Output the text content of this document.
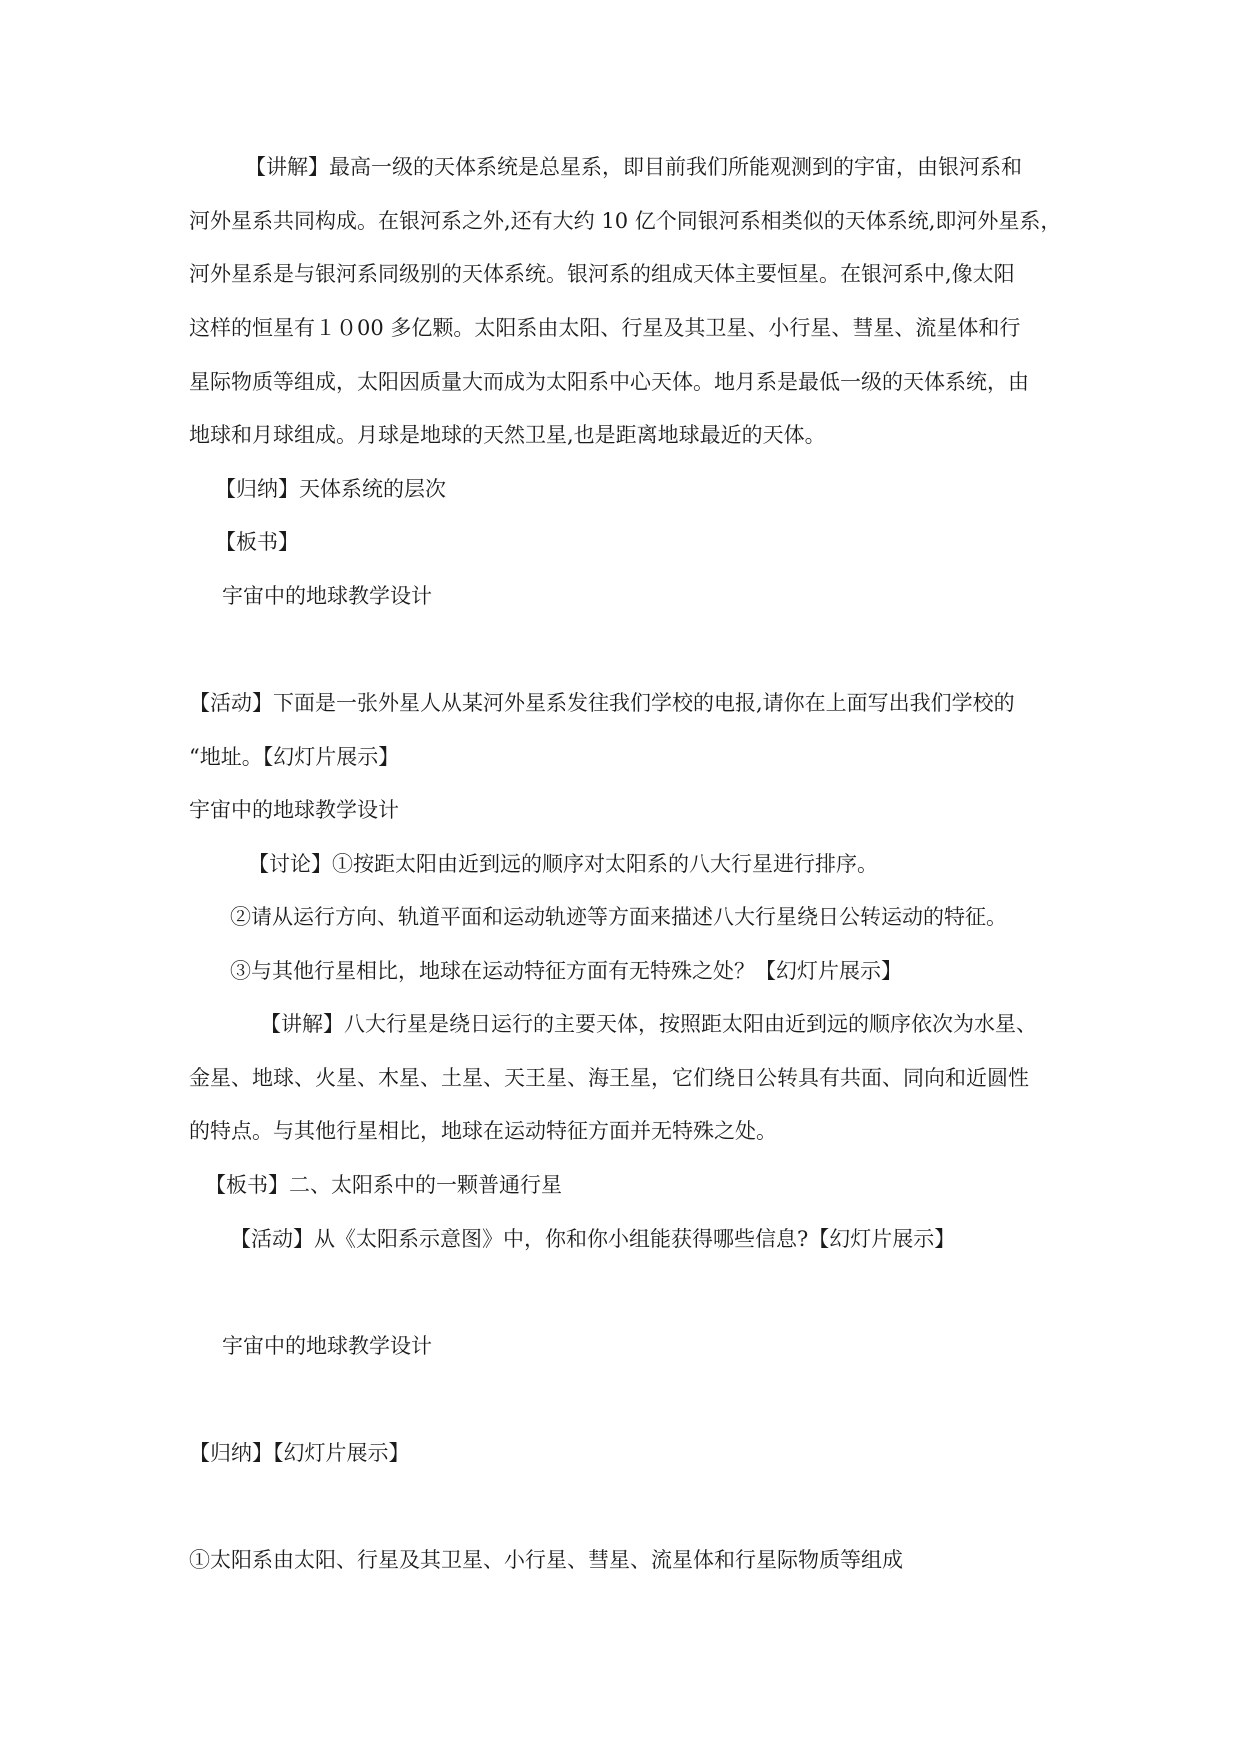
【讲解】最高一级的天体系统是总星系，即目前我们所能观测到的宇宙，由银河系和
河外星系共同构成。在银河系之外,还有大约 10 亿个同银河系相类似的天体系统,即河外星系，
河外星系是与银河系同级别的天体系统。银河系的组成天体主要恒星。在银河系中,像太阳
这样的恒星有１０00 多亿颗。太阳系由太阳、行星及其卫星、小行星、彗星、流星体和行
星际物质等组成，太阳因质量大而成为太阳系中心天体。地月系是最低一级的天体系统，由
地球和月球组成。月球是地球的天然卫星,也是距离地球最近的天体。
【归纳】天体系统的层次
【板书】
宇宙中的地球教学设计
【活动】下面是一张外星人从某河外星系发往我们学校的电报,请你在上面写出我们学校的
“地址。【幻灯片展示】
宇宙中的地球教学设计
【讨论】①按距太阳由近到远的顺序对太阳系的八大行星进行排序。
②请从运行方向、轨道平面和运动轨迹等方面来描述八大行星绕日公转运动的特征。
③与其他行星相比，地球在运动特征方面有无特殊之处？【幻灯片展示】
【讲解】八大行星是绕日运行的主要天体，按照距太阳由近到远的顺序依次为水星、
金星、地球、火星、木星、土星、天王星、海王星，它们绕日公转具有共面、同向和近圆性
的特点。与其他行星相比，地球在运动特征方面并无特殊之处。
【板书】二、太阳系中的一颗普通行星
【活动】从《太阳系示意图》中，你和你小组能获得哪些信息?【幻灯片展示】
宇宙中的地球教学设计
【归纳】【幻灯片展示】
①太阳系由太阳、行星及其卫星、小行星、彗星、流星体和行星际物质等组成
